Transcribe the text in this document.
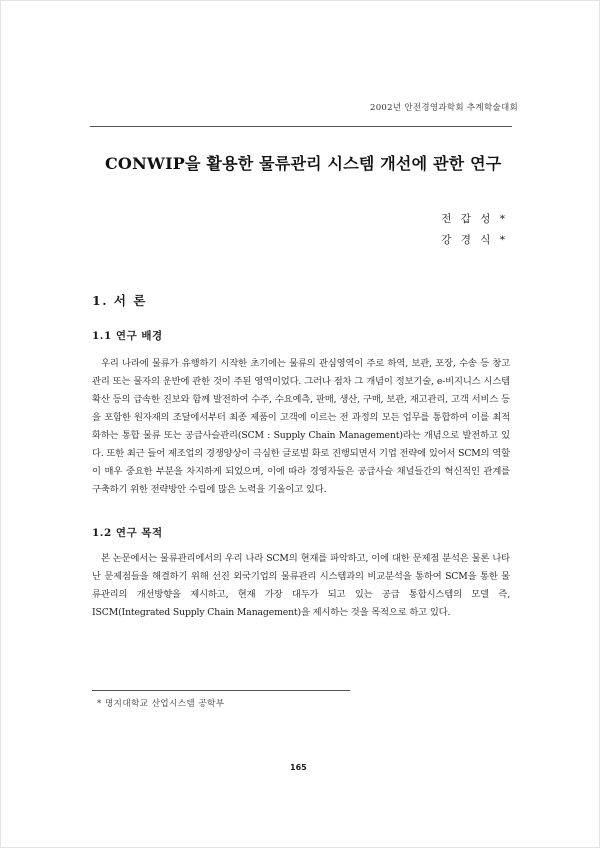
2002년 안전경영과학회 추계학술대회
CONWIP을 활용한 물류관리 시스템 개선에 관한 연구
전 갑 성 *
강 경 식 *
1. 서 론
1.1 연구 배경

우리 나라에 물류가 유행하기 시작한 초기에는 물류의 관심영역이 주로 하역, 보관, 포장, 수송 등 창고관리 또는 물자의 운반에 관한 것이 주된 영역이었다. 그러나 점차 그 개념이 정보기술, e-비지니스 시스템 확산 등의 급속한 진보와 함께 발전하여 수주, 수요예측, 판매, 생산, 구매, 보관, 재고관리, 고객 서비스 등을 포함한 원자재의 조달에서부터 최종 제품이 고객에 이르는 전 과정의 모든 업무를 통합하여 이를 최적화하는 통합 물류 또는 공급사슬관리(SCM : Supply Chain Management)라는 개념으로 발전하고 있다. 또한 최근 들어 제조업의 경쟁양상이 극심한 글로벌 화로 진행되면서 기업 전략에 있어서 SCM의 역할이 매우 중요한 부분을 차지하게 되었으며, 이에 따라 경영자들은 공급사슬 채널들간의 혁신적인 관계를 구축하기 위한 전략방안 수립에 많은 노력을 기울이고 있다.

1.2 연구 목적

본 논문에서는 물류관리에서의 우리 나라 SCM의 현재를 파악하고, 이에 대한 문제점 분석은 물론 나타난 문제점들을 해결하기 위해 선진 외국기업의 물류관리 시스템과의 비교분석을 통하여 SCM을 통한 물류관리의 개선방향을 제시하고, 현재 가장 대두가 되고 있는 공급 통합시스템의 모델 즉, ISCM(Integrated Supply Chain Management)을 제시하는 것을 목적으로 하고 있다.

* 명지대학교 산업시스템 공학부
165
